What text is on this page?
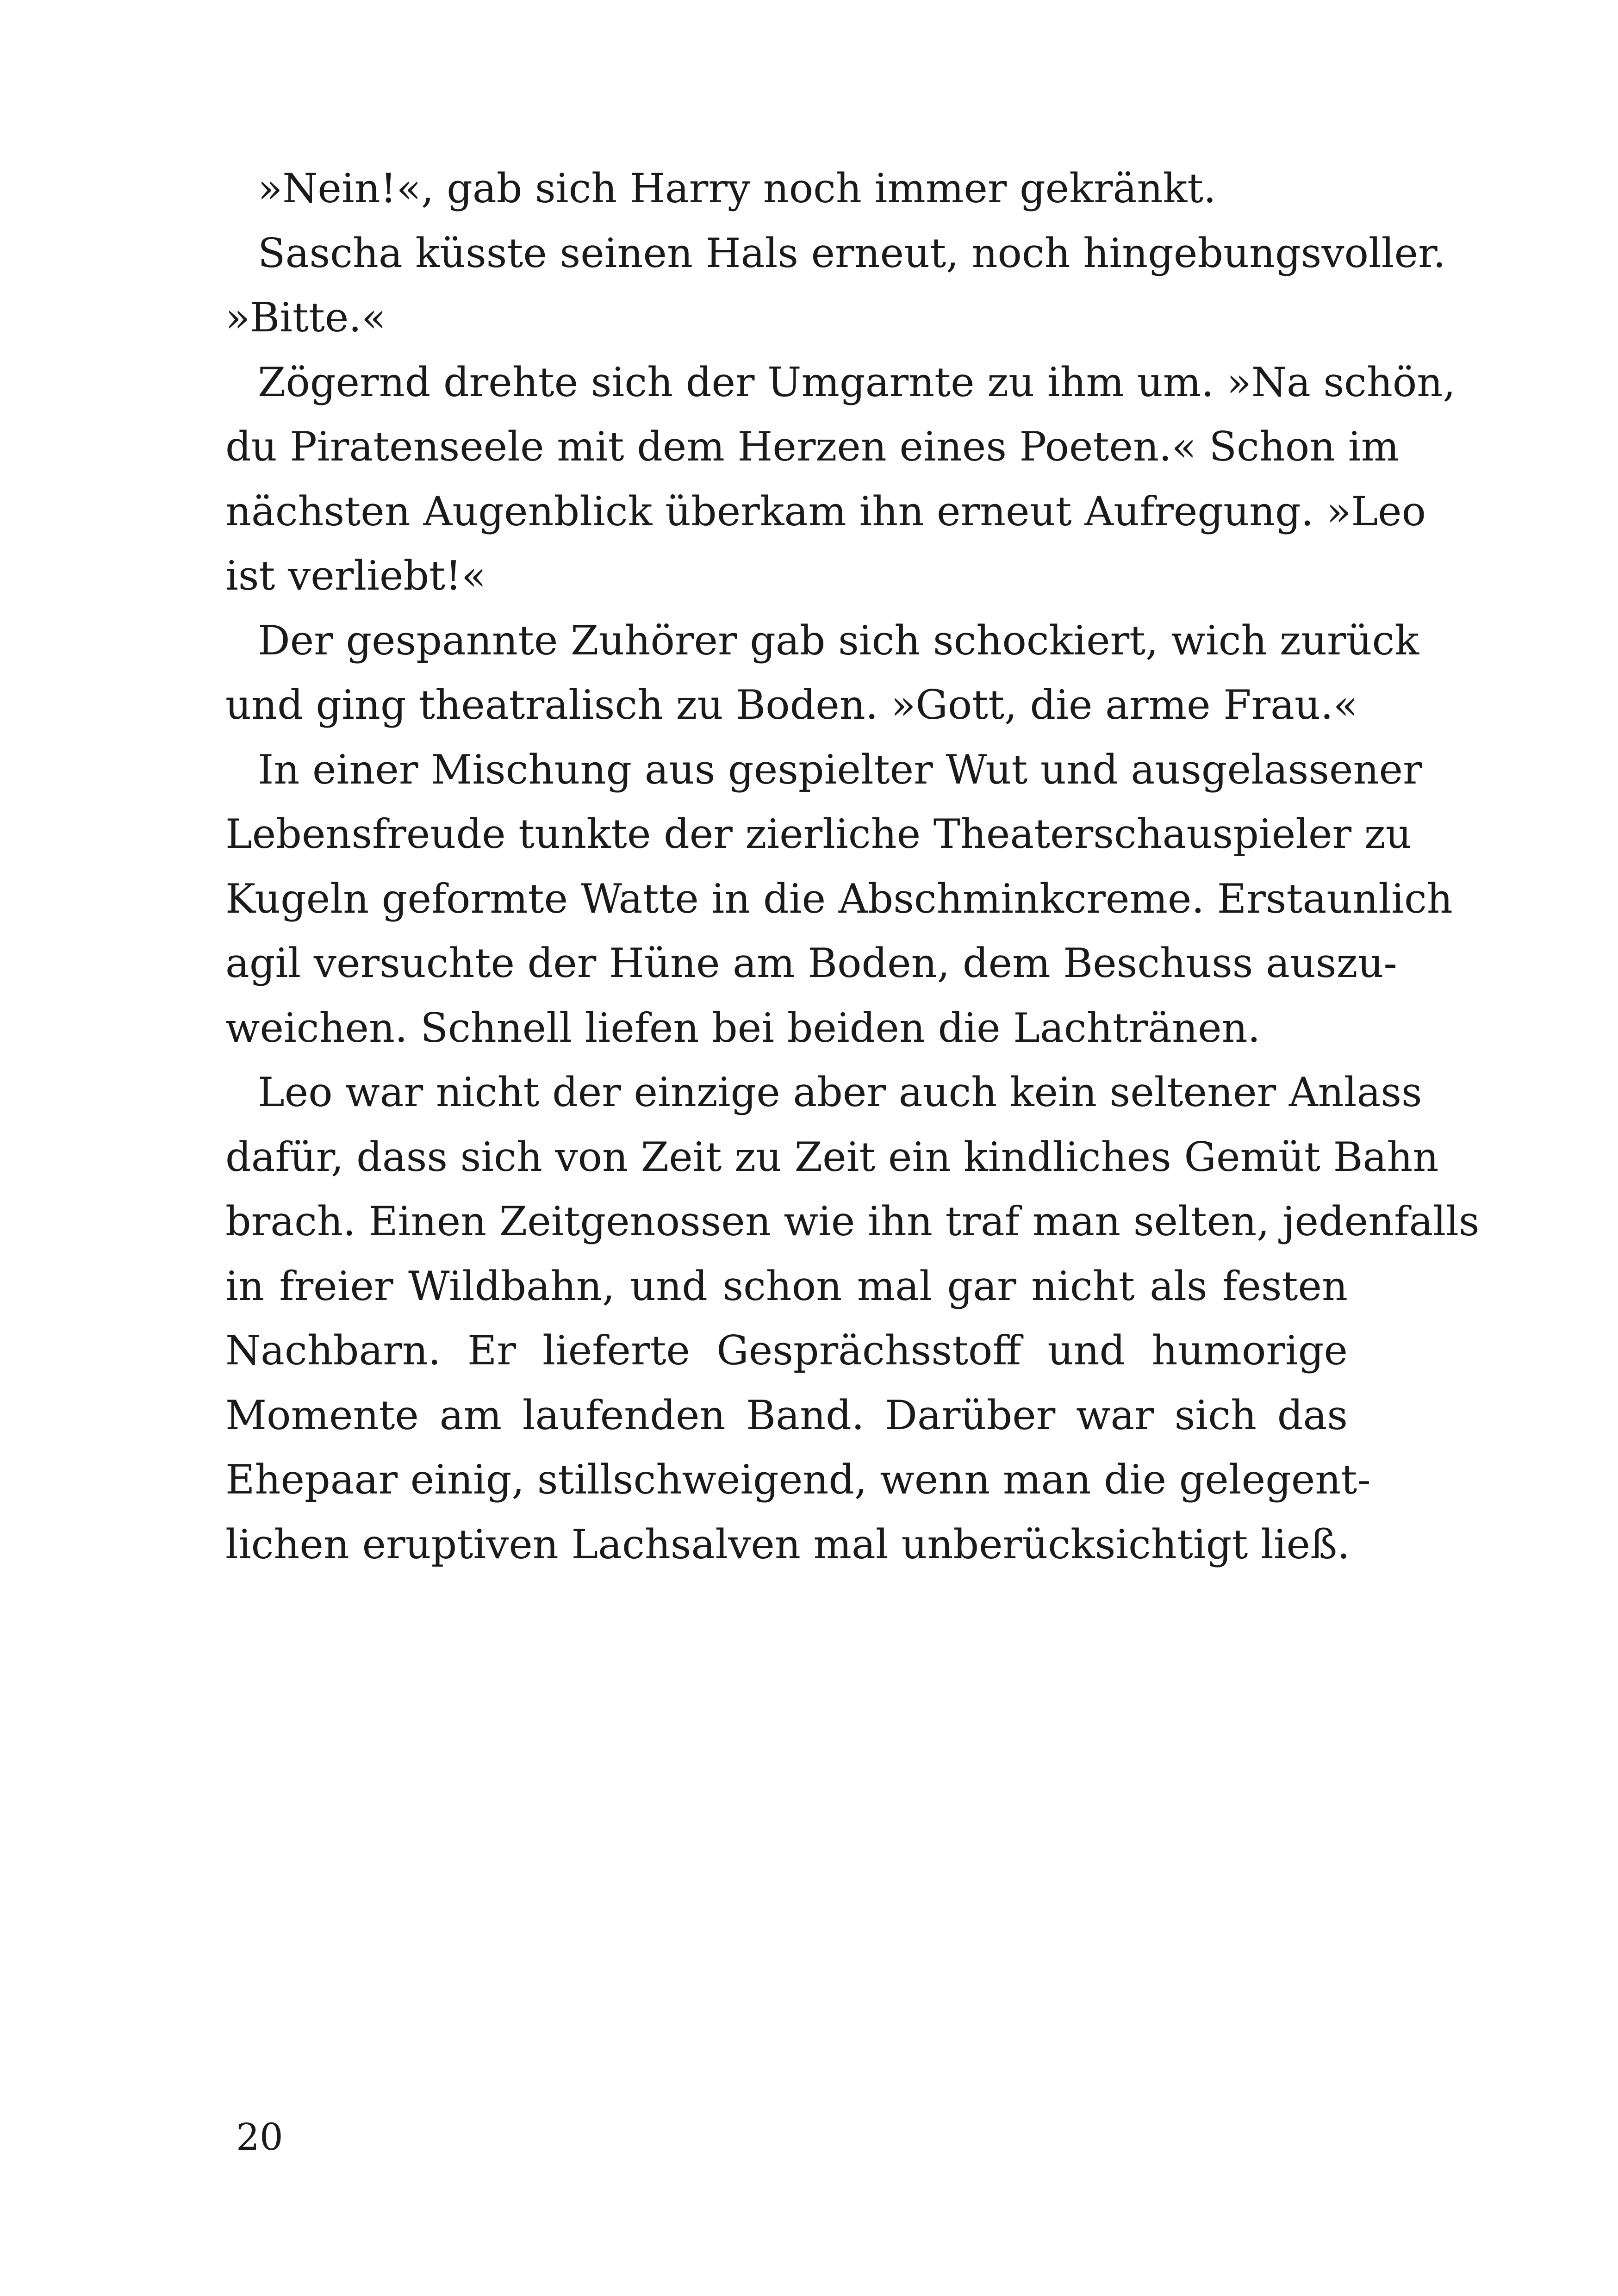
»Nein!«, gab sich Harry noch immer gekränkt.
Sascha küsste seinen Hals erneut, noch hingebungsvoller.
»Bitte.«
Zögernd drehte sich der Umgarnte zu ihm um. »Na schön,
du Piratenseele mit dem Herzen eines Poeten.« Schon im
nächsten Augenblick überkam ihn erneut Aufregung. »Leo
ist verliebt!«
Der gespannte Zuhörer gab sich schockiert, wich zurück
und ging theatralisch zu Boden. »Gott, die arme Frau.«
In einer Mischung aus gespielter Wut und ausgelassener
Lebensfreude tunkte der zierliche Theaterschauspieler zu
Kugeln geformte Watte in die Abschminkcreme. Erstaunlich
agil versuchte der Hüne am Boden, dem Beschuss auszu-
weichen. Schnell liefen bei beiden die Lachtränen.
Leo war nicht der einzige aber auch kein seltener Anlass
dafür, dass sich von Zeit zu Zeit ein kindliches Gemüt Bahn
brach. Einen Zeitgenossen wie ihn traf man selten, jedenfalls
in freier Wildbahn, und schon mal gar nicht als festen
Nachbarn. Er lieferte Gesprächsstoff und humorige
Momente am laufenden Band. Darüber war sich das
Ehepaar einig, stillschweigend, wenn man die gelegent-
lichen eruptiven Lachsalven mal unberücksichtigt ließ.
20
